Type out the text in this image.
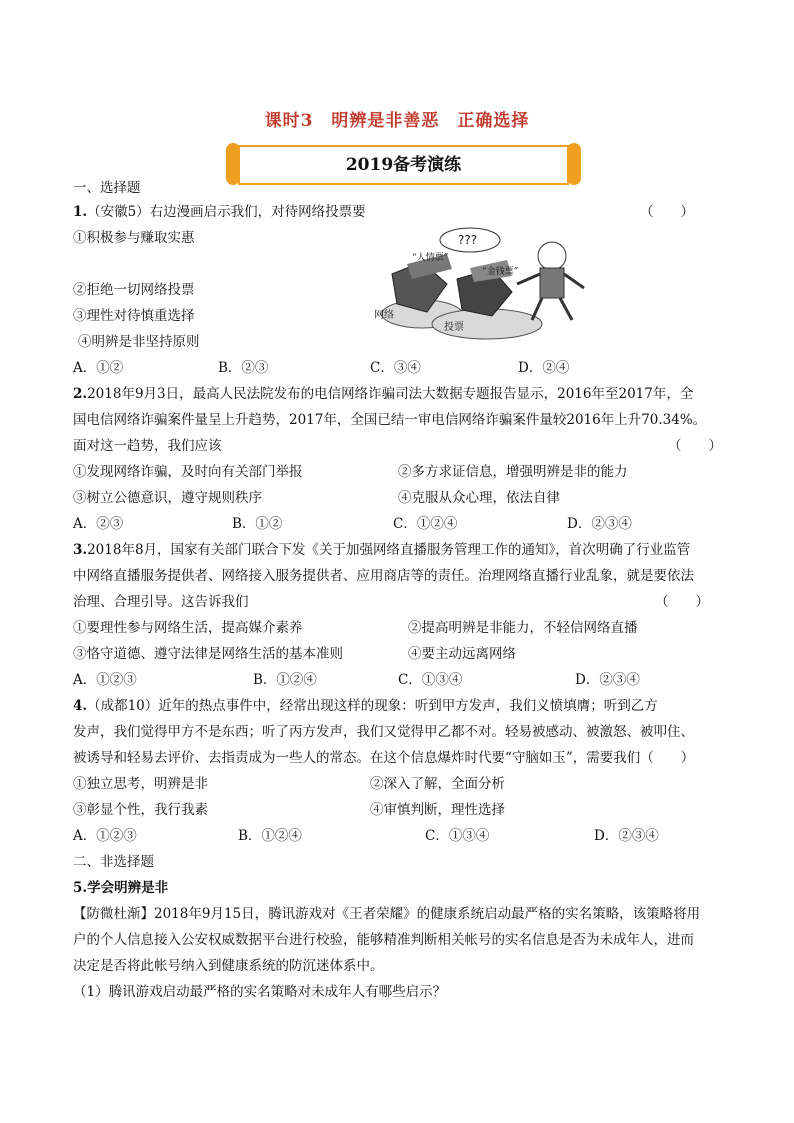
课时3　明辨是非善恶　正确选择
2019备考演练
一、选择题
1.（安徽5）右边漫画启示我们，对待网络投票要	（　　）
①积极参与赚取实惠
②拒绝一切网络投票
③理性对待慎重选择
④明辨是非坚持原则
???
“人情票”
“金钱票”
网络
投票
A．①②	B．②③	C．③④	D．②④
2.2018年9月3日，最高人民法院发布的电信网络诈骗司法大数据专题报告显示，2016年至2017年，全
国电信网络诈骗案件量呈上升趋势，2017年，全国已结一审电信网络诈骗案件量较2016年上升70.34%。
面对这一趋势，我们应该	（　　）
①发现网络诈骗，及时向有关部门举报	②多方求证信息，增强明辨是非的能力
③树立公德意识，遵守规则秩序	④克服从众心理，依法自律
A．②③	B．①②	C．①②④	D．②③④
3.2018年8月，国家有关部门联合下发《关于加强网络直播服务管理工作的通知》，首次明确了行业监管
中网络直播服务提供者、网络接入服务提供者、应用商店等的责任。治理网络直播行业乱象，就是要依法
治理、合理引导。这告诉我们	（　　）
①要理性参与网络生活，提高媒介素养	②提高明辨是非能力，不轻信网络直播
③恪守道德、遵守法律是网络生活的基本准则	④要主动远离网络
A．①②③	B．①②④	C．①③④	D．②③④
4.（成都10）近年的热点事件中，经常出现这样的现象：听到甲方发声，我们义愤填膺；听到乙方
发声，我们觉得甲方不是东西；听了丙方发声，我们又觉得甲乙都不对。轻易被感动、被激怒、被叩住、
被诱导和轻易去评价、去指责成为一些人的常态。在这个信息爆炸时代要“守脑如玉”，需要我们（　　）
①独立思考，明辨是非	②深入了解，全面分析
③彰显个性，我行我素	④审慎判断，理性选择
A．①②③	B．①②④	C．①③④	D．②③④
二、非选择题
5.学会明辨是非
【防微杜渐】2018年9月15日，腾讯游戏对《王者荣耀》的健康系统启动最严格的实名策略，该策略将用
户的个人信息接入公安权威数据平台进行校验，能够精准判断相关帐号的实名信息是否为未成年人，进而
决定是否将此帐号纳入到健康系统的防沉迷体系中。
（1）腾讯游戏启动最严格的实名策略对未成年人有哪些启示？
